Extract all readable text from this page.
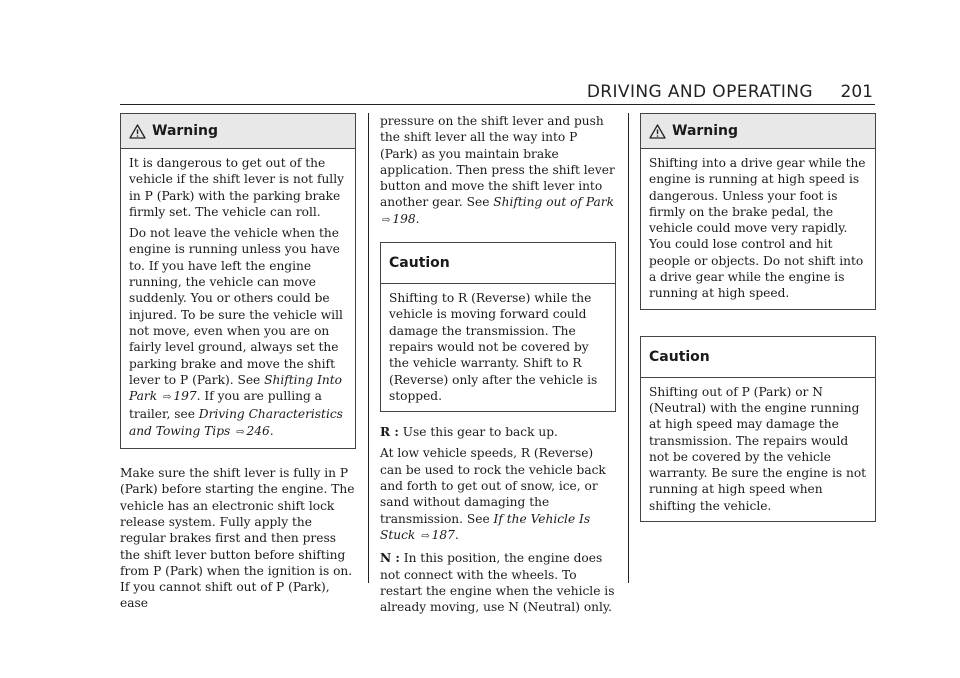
DRIVING AND OPERATING 201
Warning

It is dangerous to get out of the vehicle if the shift lever is not fully in P (Park) with the parking brake firmly set. The vehicle can roll.

Do not leave the vehicle when the engine is running unless you have to. If you have left the engine running, the vehicle can move suddenly. You or others could be injured. To be sure the vehicle will not move, even when you are on fairly level ground, always set the parking brake and move the shift lever to P (Park). See Shifting Into Park ⇨ 197. If you are pulling a trailer, see Driving Characteristics and Towing Tips ⇨ 246.

Make sure the shift lever is fully in P (Park) before starting the engine. The vehicle has an electronic shift lock release system. Fully apply the regular brakes first and then press the shift lever button before shifting from P (Park) when the ignition is on. If you cannot shift out of P (Park), ease

pressure on the shift lever and push the shift lever all the way into P (Park) as you maintain brake application. Then press the shift lever button and move the shift lever into another gear. See Shifting out of Park ⇨ 198.

Caution

Shifting to R (Reverse) while the vehicle is moving forward could damage the transmission. The repairs would not be covered by the vehicle warranty. Shift to R (Reverse) only after the vehicle is stopped.

R : Use this gear to back up.

At low vehicle speeds, R (Reverse) can be used to rock the vehicle back and forth to get out of snow, ice, or sand without damaging the transmission. See If the Vehicle Is Stuck ⇨ 187.

N : In this position, the engine does not connect with the wheels. To restart the engine when the vehicle is already moving, use N (Neutral) only.

Warning

Shifting into a drive gear while the engine is running at high speed is dangerous. Unless your foot is firmly on the brake pedal, the vehicle could move very rapidly. You could lose control and hit people or objects. Do not shift into a drive gear while the engine is running at high speed.

Caution

Shifting out of P (Park) or N (Neutral) with the engine running at high speed may damage the transmission. The repairs would not be covered by the vehicle warranty. Be sure the engine is not running at high speed when shifting the vehicle.
